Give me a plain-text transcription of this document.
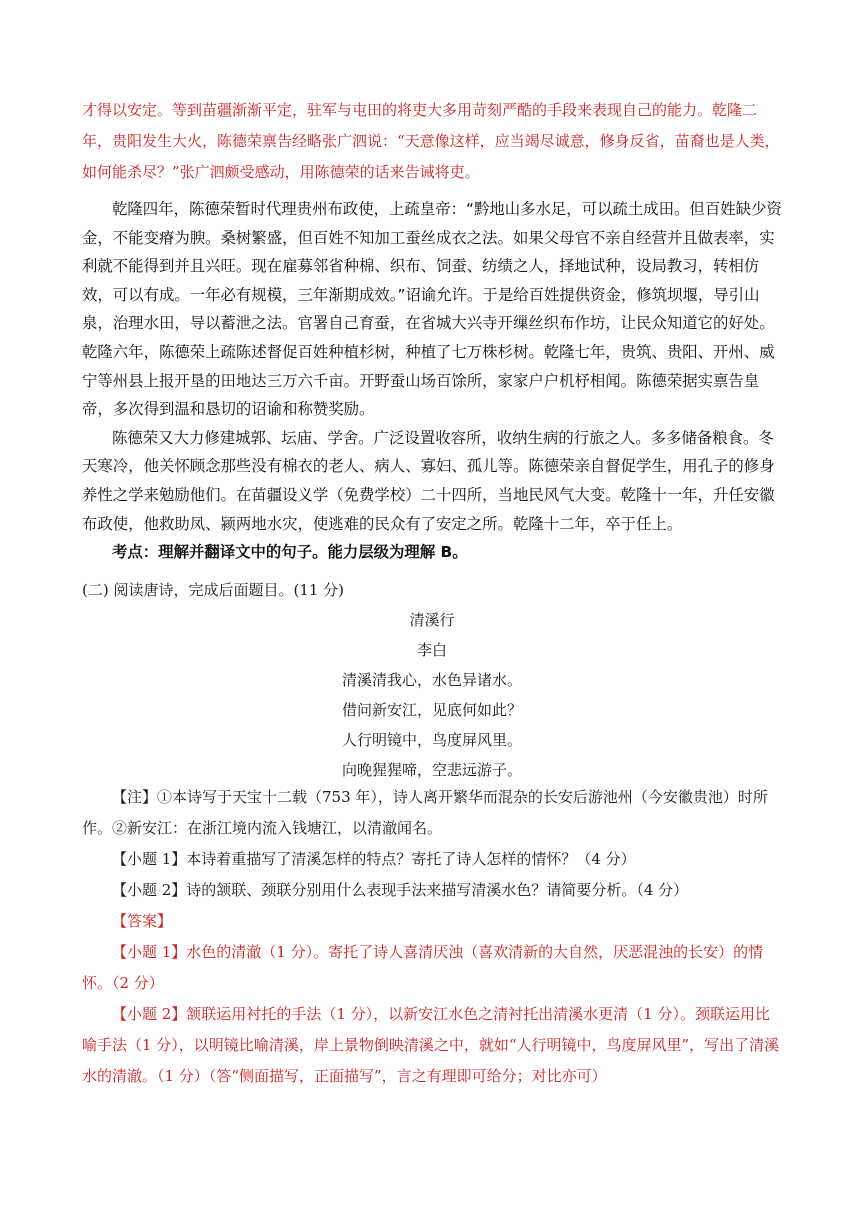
才得以安定。等到苗疆渐渐平定，驻军与屯田的将吏大多用苛刻严酷的手段来表现自己的能力。乾隆二年，贵阳发生大火，陈德荣禀告经略张广泗说：“天意像这样，应当竭尽诚意，修身反省，苗裔也是人类，如何能杀尽？”张广泗颇受感动，用陈德荣的话来告诫将吏。

乾隆四年，陈德荣暂时代理贵州布政使，上疏皇帝：“黔地山多水足，可以疏土成田。但百姓缺少资金，不能变瘠为腴。桑树繁盛，但百姓不知加工蚕丝成衣之法。如果父母官不亲自经营并且做表率，实利就不能得到并且兴旺。现在雇募邻省种棉、织布、饲蚕、纺绩之人，择地试种，设局教习，转相仿效，可以有成。一年必有规模，三年渐期成效。”诏谕允许。于是给百姓提供资金，修筑坝堰，导引山泉，治理水田，导以蓄泄之法。官署自己育蚕，在省城大兴寺开缫丝织布作坊，让民众知道它的好处。乾隆六年，陈德荣上疏陈述督促百姓种植杉树，种植了七万株杉树。乾隆七年，贵筑、贵阳、开州、威宁等州县上报开垦的田地达三万六千亩。开野蚕山场百馀所，家家户户机杼相闻。陈德荣据实禀告皇帝，多次得到温和恳切的诏谕和称赞奖励。

陈德荣又大力修建城郭、坛庙、学舍。广泛设置收容所，收纳生病的行旅之人。多多储备粮食。冬天寒冷，他关怀顾念那些没有棉衣的老人、病人、寡妇、孤儿等。陈德荣亲自督促学生，用孔子的修身养性之学来勉励他们。在苗疆设义学（免费学校）二十四所，当地民风气大变。乾隆十一年，升任安徽布政使，他救助凤、颍两地水灾，使逃难的民众有了安定之所。乾隆十二年，卒于任上。

考点：理解并翻译文中的句子。能力层级为理解 B。

(二) 阅读唐诗，完成后面题目。(11 分)

清溪行

李白

清溪清我心，水色异诸水。

借问新安江，见底何如此？

人行明镜中，鸟度屏风里。

向晚猩猩啼，空悲远游子。

【注】①本诗写于天宝十二载（753 年），诗人离开繁华而混杂的长安后游池州（今安徽贵池）时所作。②新安江：在浙江境内流入钱塘江，以清澈闻名。

【小题 1】本诗着重描写了清溪怎样的特点？寄托了诗人怎样的情怀？（4 分）

【小题 2】诗的颔联、颈联分别用什么表现手法来描写清溪水色？请简要分析。（4 分）

【答案】

【小题 1】水色的清澈（1 分）。寄托了诗人喜清厌浊（喜欢清新的大自然，厌恶混浊的长安）的情怀。（2 分）

【小题 2】颔联运用衬托的手法（1 分），以新安江水色之清衬托出清溪水更清（1 分）。颈联运用比喻手法（1 分），以明镜比喻清溪，岸上景物倒映清溪之中，就如“人行明镜中，鸟度屏风里”，写出了清溪水的清澈。（1 分）（答“侧面描写，正面描写”，言之有理即可给分；对比亦可）
